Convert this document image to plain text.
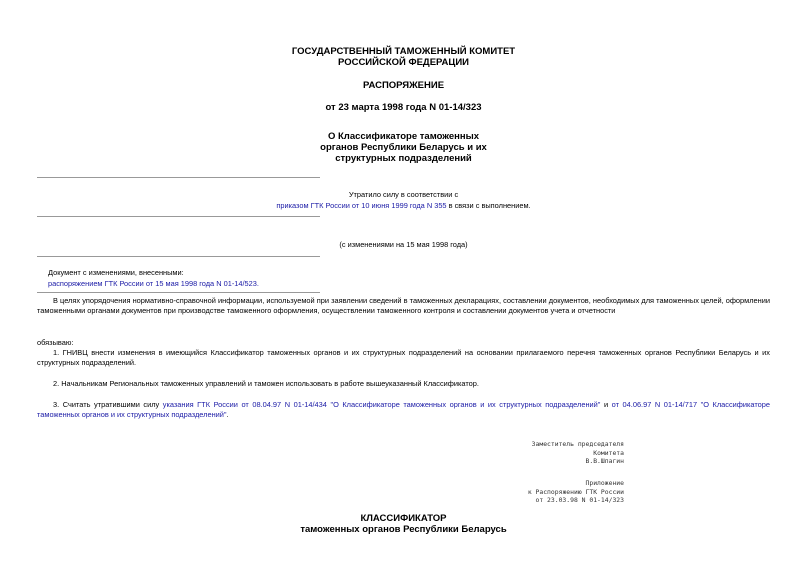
ГОСУДАРСТВЕННЫЙ ТАМОЖЕННЫЙ КОМИТЕТ
РОССИЙСКОЙ ФЕДЕРАЦИИ
РАСПОРЯЖЕНИЕ
от 23 марта 1998 года N 01-14/323
О Классификаторе таможенных
органов Республики Беларусь и их
структурных подразделений
Утратило силу в соответствии с
приказом ГТК России от 10 июня 1999 года N 355 в связи с выполнением.
(с изменениями на 15 мая 1998 года)
Документ с изменениями, внесенными:
распоряжением ГТК России от 15 мая 1998 года N 01-14/523.
В целях упорядочения нормативно-справочной информации, используемой при заявлении сведений в таможенных декларациях, составлении документов, необходимых для таможенных целей, оформлении таможенными органами документов при производстве таможенного оформления, осуществлении таможенного контроля и составлении документов учета и отчетности
обязываю:
1. ГНИВЦ внести изменения в имеющийся Классификатор таможенных органов и их структурных подразделений на основании прилагаемого перечня таможенных органов Республики Беларусь и их структурных подразделений.
2. Начальникам Региональных таможенных управлений и таможен использовать в работе вышеуказанный Классификатор.
3. Считать утратившими силу указания ГТК России от 08.04.97 N 01-14/434 "О Классификаторе таможенных органов и их структурных подразделений" и от 04.06.97 N 01-14/717 "О Классификаторе таможенных органов и их структурных подразделений".
Заместитель председателя
Комитета
В.В.Шпагин
Приложение
к Распоряжению ГТК России
от 23.03.98 N 01-14/323
КЛАССИФИКАТОР
таможенных органов Республики Беларусь
